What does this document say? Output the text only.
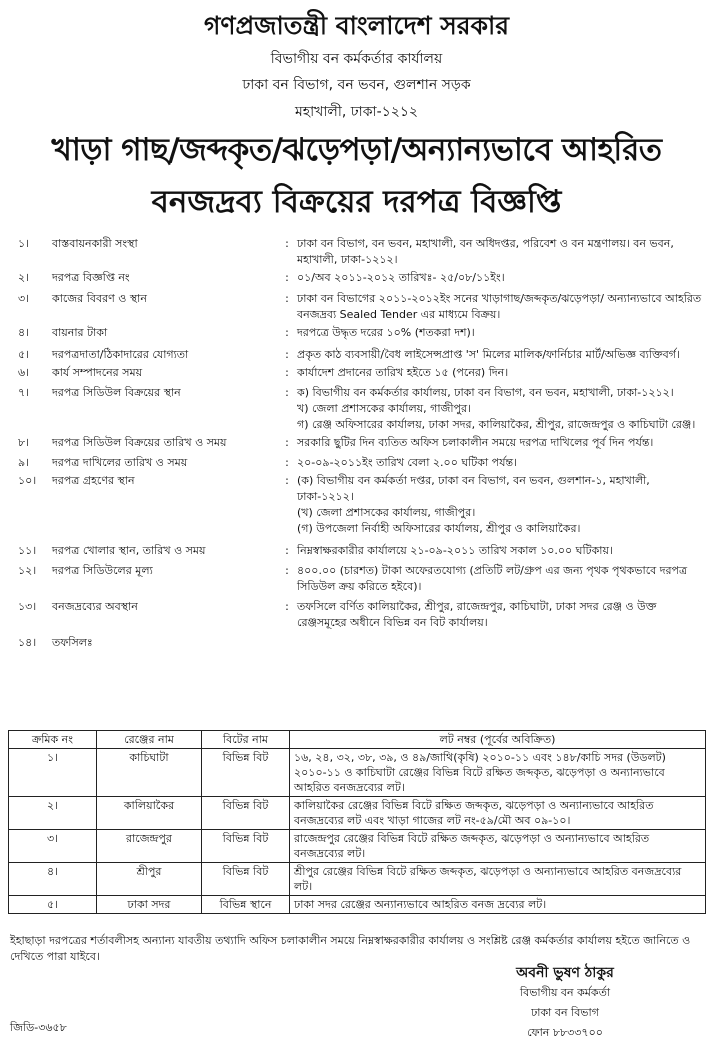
গণপ্রজাতন্ত্রী বাংলাদেশ সরকার
বিভাগীয় বন কর্মকর্তার কার্যালয়
ঢাকা বন বিভাগ, বন ভবন, গুলশান সড়ক
মহাখালী, ঢাকা-১২১২
খাড়া গাছ/জব্দকৃত/ঝড়েপড়া/অন্যান্যভাবে আহরিত
বনজদ্রব্য বিক্রয়ের দরপত্র বিজ্ঞপ্তি
১।	বাস্তবায়নকারী সংস্থা	: ঢাকা বন বিভাগ, বন ভবন, মহাখালী, বন অধিদপ্তর, পরিবেশ ও বন মন্ত্রণালয়। বন ভবন, মহাখালী, ঢাকা-১২১২।
২।	দরপত্র বিজ্ঞপ্তি নং	: ০১/অব ২০১১-২০১২ তারিখঃ- ২৫/০৮/১১ইং।
৩।	কাজের বিবরণ ও স্থান	: ঢাকা বন বিভাগের ২০১১-২০১২ইং সনের খাড়াগাছ/জব্দকৃত/ঝড়েপড়া/ অন্যান্যভাবে আহরিত বনজদ্রব্য Sealed Tender এর মাধ্যমে বিক্রয়।
৪।	বায়নার টাকা	: দরপত্রে উদ্ধৃত দরের ১০% (শতকরা দশ)।
৫।	দরপত্রদাতা/ঠিকাদারের যোগ্যতা	: প্রকৃত কাঠ ব্যবসায়ী/বৈধ লাইসেন্সপ্রাপ্ত 'স' মিলের মালিক/ফার্নিচার মার্ট/অভিজ্ঞ ব্যক্তিবর্গ।
৬।	কার্য সম্পাদনের সময়	: কার্যাদেশ প্রদানের তারিখ হইতে ১৫ (পনের) দিন।
৭।	দরপত্র সিডিউল বিক্রয়ের স্থান	: ক) বিভাগীয় বন কর্মকর্তার কার্যালয়, ঢাকা বন বিভাগ, বন ভবন, মহাখালী, ঢাকা-১২১২।
খ) জেলা প্রশাসকের কার্যালয়, গাজীপুর।
গ) রেঞ্জ অফিসারের কার্যালয়, ঢাকা সদর, কালিয়াকৈর, শ্রীপুর, রাজেন্দ্রপুর ও কাচিঘাটা রেঞ্জ।
৮।	দরপত্র সিডিউল বিক্রয়ের তারিখ ও সময়	: সরকারি ছুটির দিন ব্যতিত অফিস চলাকালীন সময়ে দরপত্র দাখিলের পূর্ব দিন পর্যন্ত।
৯।	দরপত্র দাখিলের তারিখ ও সময়	: ২০-০৯-২০১১ইং তারিখ বেলা ২.০০ ঘটিকা পর্যন্ত।
১০।	দরপত্র গ্রহণের স্থান	: (ক) বিভাগীয় বন কর্মকর্তা দপ্তর, ঢাকা বন বিভাগ, বন ভবন, গুলশান-১, মহাখালী, ঢাকা-১২১২।
(খ) জেলা প্রশাসকের কার্যালয়, গাজীপুর।
(গ) উপজেলা নির্বাহী অফিসারের কার্যালয়, শ্রীপুর ও কালিয়াকৈর।
১১।	দরপত্র খোলার স্থান, তারিখ ও সময়	: নিম্নস্বাক্ষরকারীর কার্যালয়ে ২১-০৯-২০১১ তারিখ সকাল ১০.০০ ঘটিকায়।
১২।	দরপত্র সিডিউলের মূল্য	: ৪০০.০০ (চারশত) টাকা অফেরতযোগ্য (প্রতিটি লট/গ্রুপ এর জন্য পৃথক পৃথকভাবে দরপত্র সিডিউল ক্রয় করিতে হইবে)।
১৩।	বনজদ্রব্যের অবস্থান	: তফসিলে বর্ণিত কালিয়াকৈর, শ্রীপুর, রাজেন্দ্রপুর, কাচিঘাটা, ঢাকা সদর রেঞ্জ ও উক্ত রেঞ্জসমূহের অধীনে বিভিন্ন বন বিট কার্যালয়।
১৪।	তফসিলঃ
ক্রমিক নং	রেঞ্জের নাম	বিটের নাম	লট নম্বর (পূর্বের অবিক্রিত)
১।	কাচিঘাটা	বিভিন্ন বিট	১৬, ২৪, ৩২, ৩৮, ৩৯, ও ৪৯/জাথি(কৃষি) ২০১০-১১ এবং ১৪৮/কাচি সদর (উডলট) ২০১০-১১ ও কাচিঘাটা রেঞ্জের বিভিন্ন বিটে রক্ষিত জব্দকৃত, ঝড়েপড়া ও অন্যান্যভাবে আহরিত বনজদ্রব্যের লট।
২।	কালিয়াকৈর	বিভিন্ন বিট	কালিয়াকৈর রেঞ্জের বিভিন্ন বিটে রক্ষিত জব্দকৃত, ঝড়েপড়া ও অন্যান্যভাবে আহরিত বনজদ্রব্যের লট এবং খাড়া গাজের লট নং-৫৯/মৌ অব ০৯-১০।
৩।	রাজেন্দ্রপুর	বিভিন্ন বিট	রাজেন্দ্রপুর রেঞ্জের বিভিন্ন বিটে রক্ষিত জব্দকৃত, ঝড়েপড়া ও অন্যান্যভাবে আহরিত বনজদ্রব্যের লট।
৪।	শ্রীপুর	বিভিন্ন বিট	শ্রীপুর রেঞ্জের বিভিন্ন বিটে রক্ষিত জব্দকৃত, ঝড়েপড়া ও অন্যান্যভাবে আহরিত বনজদ্রব্যের লট।
৫।	ঢাকা সদর	বিভিন্ন স্থানে	ঢাকা সদর রেঞ্জের অন্যান্যভাবে আহরিত বনজ দ্রব্যের লট।
ইহাছাড়া দরপত্রের শর্তাবলীসহ অন্যান্য যাবতীয় তথ্যাদি অফিস চলাকালীন সময়ে নিম্নস্বাক্ষরকারীর কার্যালয় ও সংশ্লিষ্ট রেঞ্জ কর্মকর্তার কার্যালয় হইতে জানিতে ও দেখিতে পারা যাইবে।
অবনী ভুষণ ঠাকুর
বিভাগীয় বন কর্মকর্তা
ঢাকা বন বিভাগ
ফোন ৮৮৩৩৭০০
জিডি-৩৬৫৮
